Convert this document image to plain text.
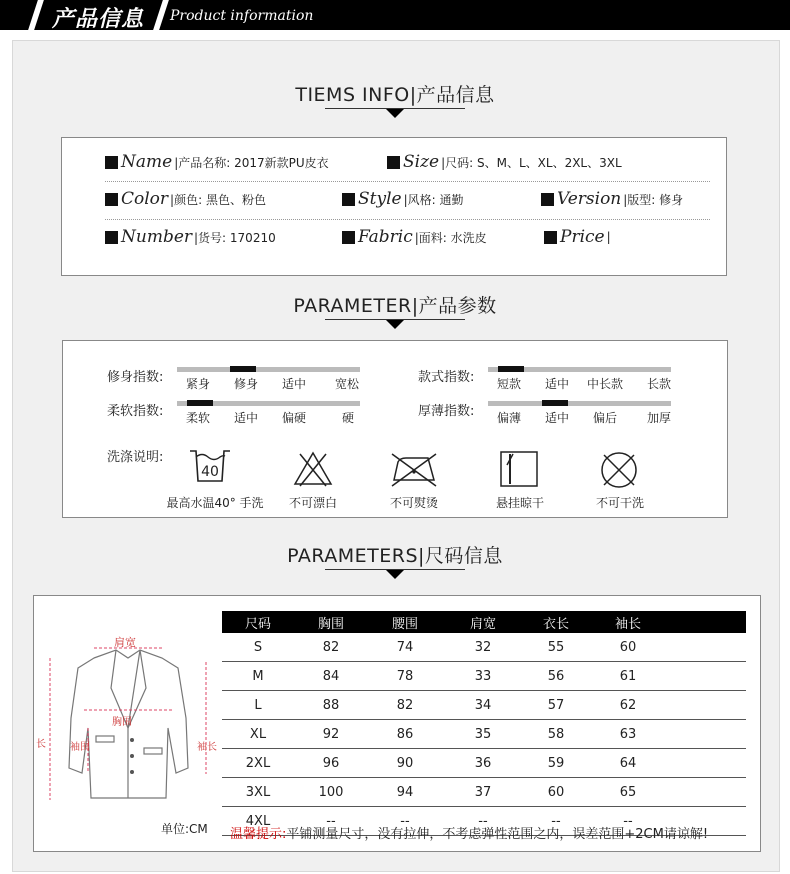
产品信息 Product information
TIEMS INFO|产品信息
Name |产品名称: 2017新款PU皮衣	Size |尺码: S、M、L、XL、2XL、3XL
Color |颜色: 黑色、粉色	Style |风格: 通勤	Version |版型: 修身
Number |货号: 170210	Fabric |面料: 水洗皮	Price |
PARAMETER|产品参数
修身指数: 紧身 修身 适中 宽松
柔软指数: 柔软 适中 偏硬	硬
款式指数: 短款 适中 中长款 长款
厚薄指数: 偏薄 适中 偏后 加厚
洗涤说明:
40
最高水温40° 手洗	不可漂白	不可熨烫	悬挂晾干	不可干洗
PARAMETERS|尺码信息
肩宽
胸围
袖围
长	袖长
单位:CM
尺码	胸围	腰围	肩宽	衣长	袖长	
S	82	74	32	55	60	
M	84	78	33	56	61	
L	88	82	34	57	62	
XL	92	86	35	58	63	
2XL	96	90	36	59	64	
3XL	100	94	37	60	65	
4XL	--	--	--	--	--	
温馨提示:平铺测量尺寸，没有拉伸，不考虑弹性范围之内，误差范围+2CM请谅解!
